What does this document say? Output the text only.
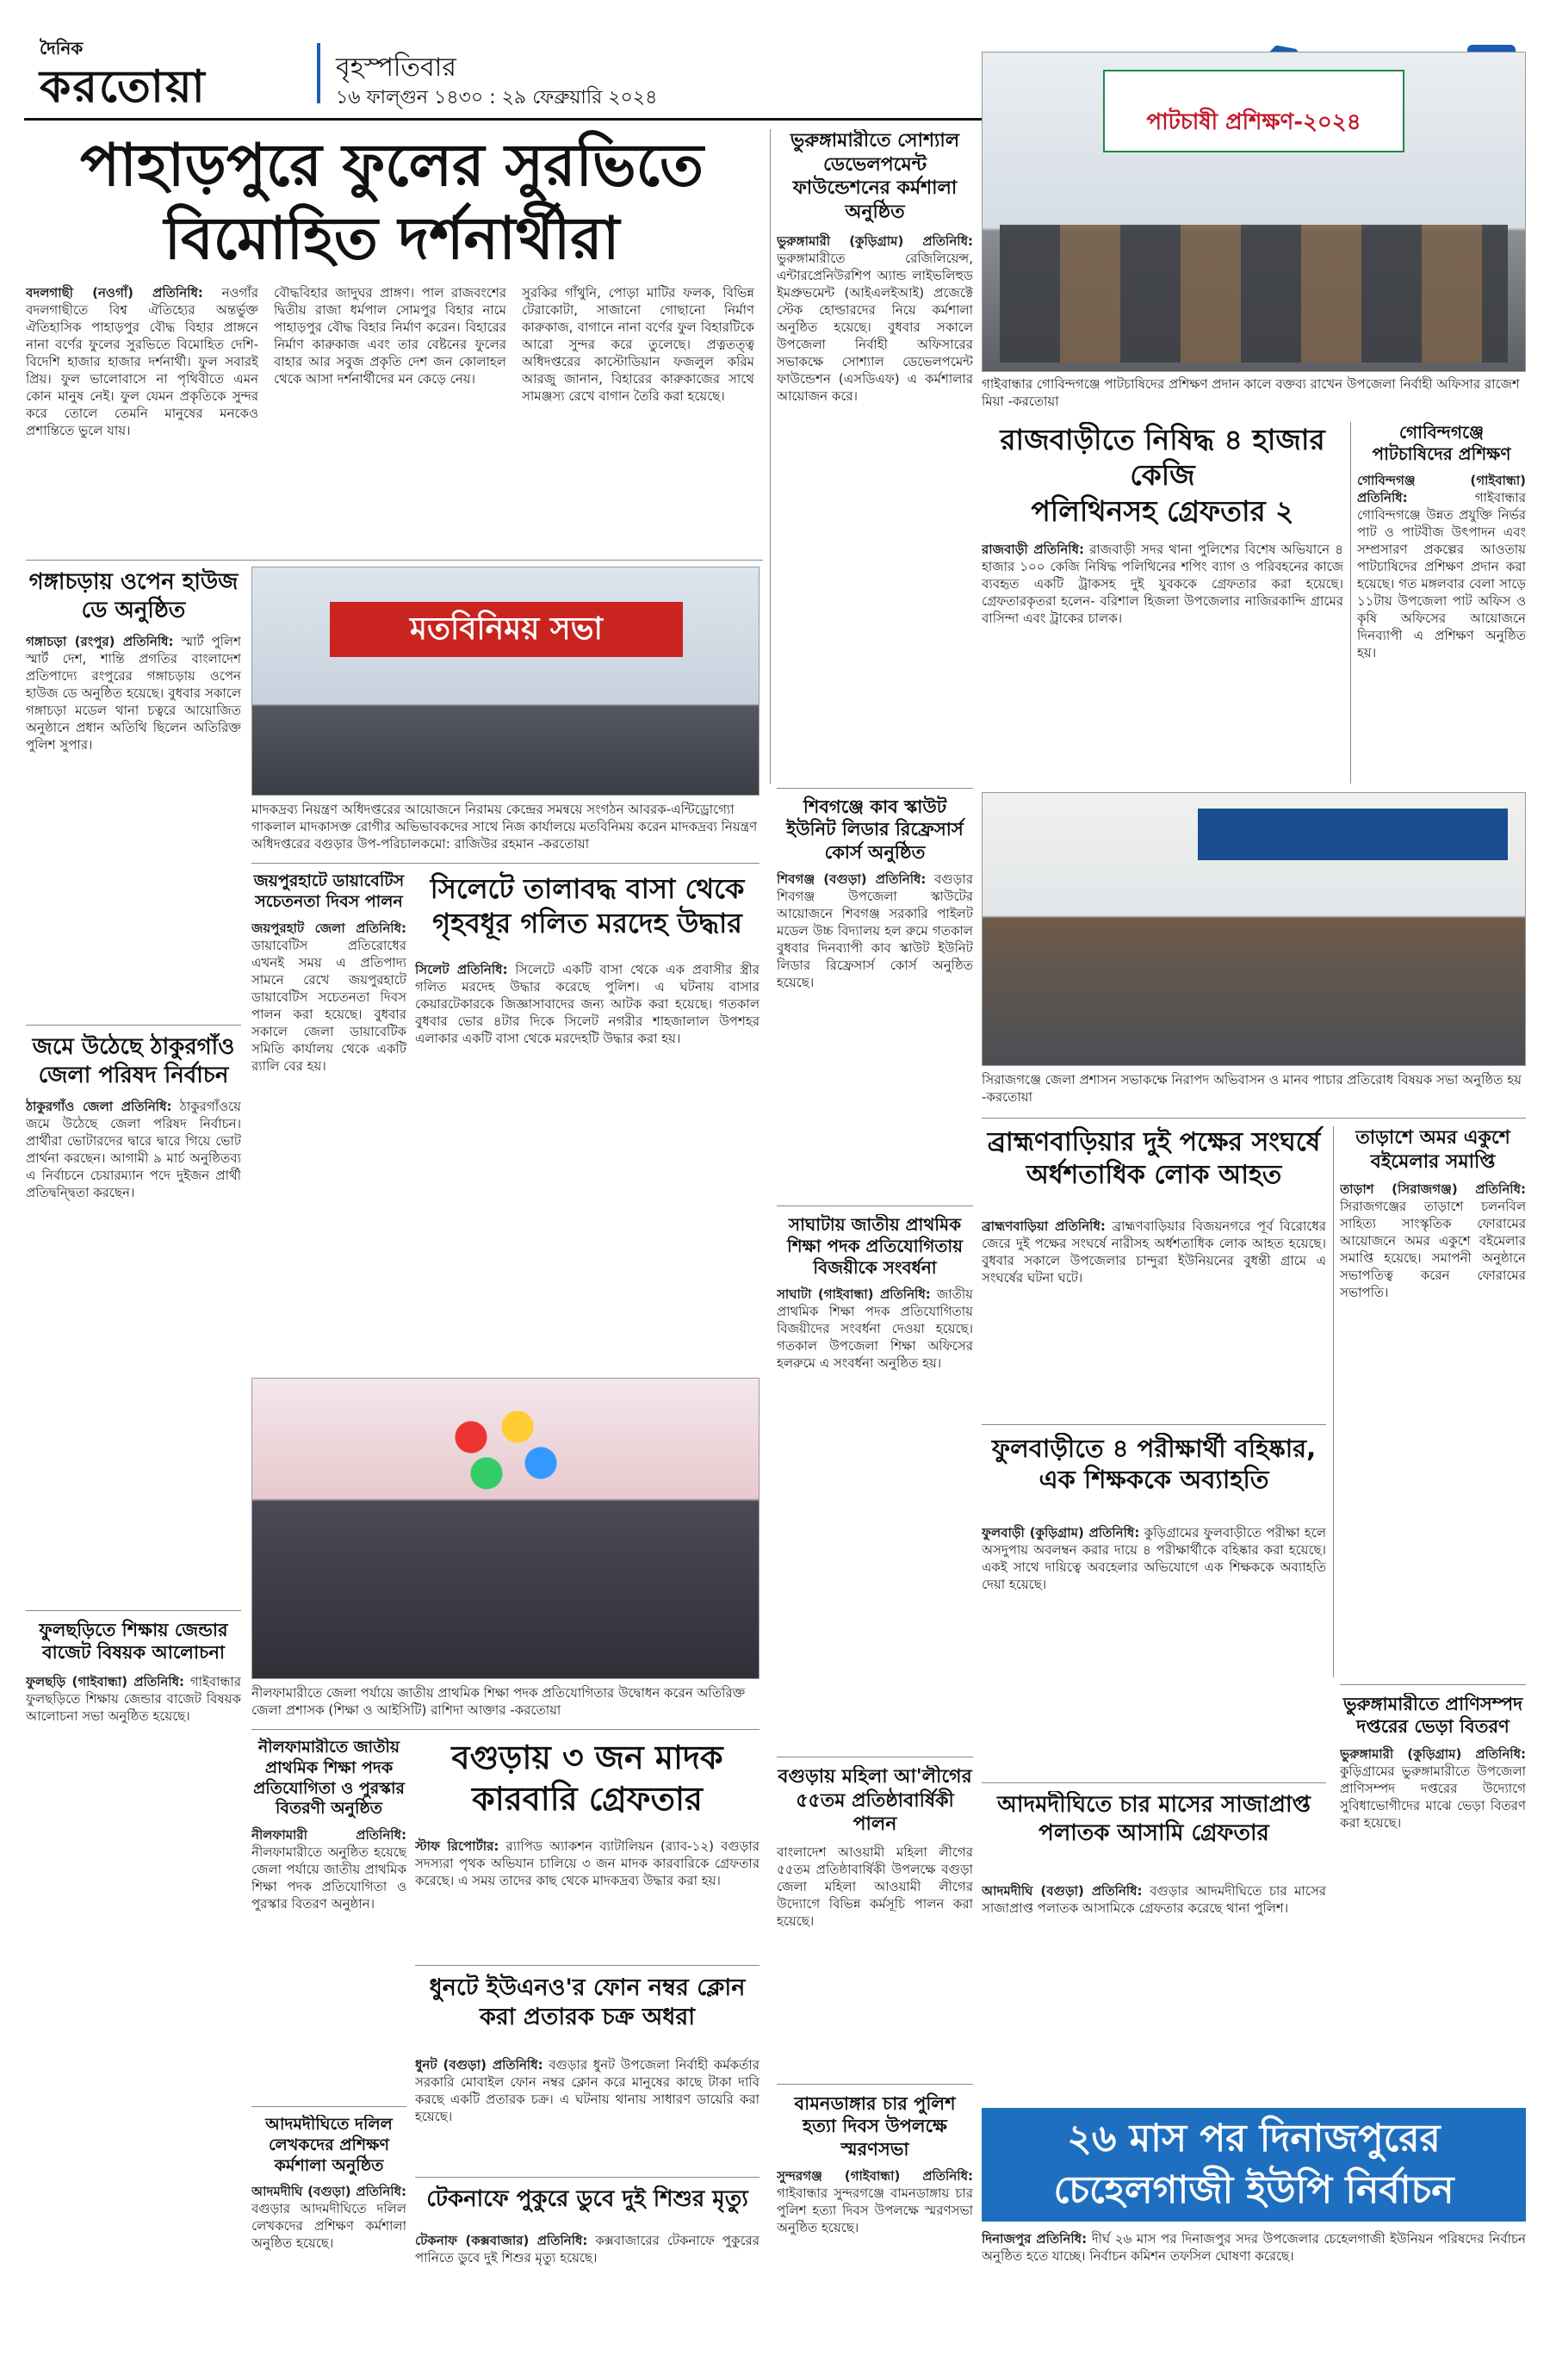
দৈনিক
করতোয়া	বৃহস্পতিবার
১৬ ফাল্গুন ১৪৩০ : ২৯ ফেব্রুয়ারি ২০২৪
পাহাড়পুরে ফুলের সুরভিতে
বিমোহিত দর্শনার্থীরা
বদলগাছী (নওগাঁ) প্রতিনিধি: নওগাঁর বদলগাছীতে বিশ্ব ঐতিহ্যের অন্তর্ভুক্ত ঐতিহাসিক পাহাড়পুর বৌদ্ধ বিহার প্রাঙ্গনে নানা বর্ণের ফুলের সুরভিতে বিমোহিত দেশি-বিদেশি হাজার হাজার দর্শনার্থী। ফুল সবারই প্রিয়। ফুল ভালোবাসে না পৃথিবীতে এমন কোন মানুষ নেই। ফুল যেমন প্রকৃতিকে সুন্দর করে তোলে তেমনি মানুষের মনকেও প্রশান্তিতে ভুলে যায়।
বৌদ্ধবিহার জাদুঘর প্রাঙ্গণ। পাল রাজবংশের দ্বিতীয় রাজা ধর্মপাল সোমপুর বিহার নামে পাহাড়পুর বৌদ্ধ বিহার নির্মাণ করেন। বিহারের নির্মাণ কারুকাজ এবং তার বেষ্টনের ফুলের বাহার আর সবুজ প্রকৃতি দেশ জন কোলাহল থেকে আসা দর্শনার্থীদের মন কেড়ে নেয়।
সুরকির গাঁথুনি, পোড়া মাটির ফলক, বিভিন্ন টেরাকোটা, সাজানো গোছানো নির্মাণ কারুকাজ, বাগানে নানা বর্ণের ফুল বিহারটিকে আরো সুন্দর করে তুলেছে। প্রত্নতত্ত্ব অধিদপ্তরের কাস্টোডিয়ান ফজলুল করিম আরজু জানান, বিহারের কারুকাজের সাথে সামঞ্জস্য রেখে বাগান তৈরি করা হয়েছে।
ভুরুঙ্গামারীতে সোশ্যাল ডেভেলপমেন্ট ফাউন্ডেশনের কর্মশালা অনুষ্ঠিত
ভুরুঙ্গামারী (কুড়িগ্রাম) প্রতিনিধি: ভুরুঙ্গামারীতে রেজিলিয়েন্স, এন্টারপ্রেনিউরশিপ অ্যান্ড লাইভলিহুড ইমপ্রুভমেন্ট (আইএলইআই) প্রজেক্টে স্টেক হোল্ডারদের নিয়ে কর্মশালা অনুষ্ঠিত হয়েছে। বুধবার সকালে উপজেলা নির্বাহী অফিসারের সভাকক্ষে সোশ্যাল ডেভেলপমেন্ট ফাউন্ডেশন (এসডিএফ) এ কর্মশালার আয়োজন করে।
পাটচাষী প্রশিক্ষণ-২০২৪
গাইবান্ধার গোবিন্দগঞ্জে পাটচাষিদের প্রশিক্ষণ প্রদান কালে বক্তব্য রাখেন উপজেলা নির্বাহী অফিসার রাজেশ মিয়া -করতোয়া
রাজবাড়ীতে নিষিদ্ধ ৪ হাজার কেজি
পলিথিনসহ গ্রেফতার ২
রাজবাড়ী প্রতিনিধি: রাজবাড়ী সদর থানা পুলিশের বিশেষ অভিযানে ৪ হাজার ১০০ কেজি নিষিদ্ধ পলিথিনের শপিং ব্যাগ ও পরিবহনের কাজে ব্যবহৃত একটি ট্রাকসহ দুই যুবককে গ্রেফতার করা হয়েছে। গ্রেফতারকৃতরা হলেন- বরিশাল হিজলা উপজেলার নাজিরকান্দি গ্রামের বাসিন্দা এবং ট্রাকের চালক।
গোবিন্দগঞ্জে পাটচাষিদের প্রশিক্ষণ
গোবিন্দগঞ্জ (গাইবান্ধা) প্রতিনিধি:	গাইবান্ধার গোবিন্দগঞ্জে উন্নত প্রযুক্তি নির্ভর পাট ও পাটবীজ উৎপাদন এবং সম্প্রসারণ প্রকল্পের আওতায় পাটচাষিদের প্রশিক্ষণ প্রদান করা হয়েছে। গত মঙ্গলবার বেলা সাড়ে ১১টায় উপজেলা পাট অফিস ও কৃষি অফিসের আয়োজনে দিনব্যাপী এ প্রশিক্ষণ অনুষ্ঠিত হয়।
গঙ্গাচড়ায় ওপেন হাউজ ডে অনুষ্ঠিত
গঙ্গাচড়া (রংপুর) প্রতিনিধি: স্মার্ট পুলিশ স্মার্ট দেশ, শান্তি প্রগতির বাংলাদেশ প্রতিপাদ্যে রংপুরের গঙ্গাচড়ায় ওপেন হাউজ ডে অনুষ্ঠিত হয়েছে। বুধবার সকালে গঙ্গাচড়া মডেল থানা চত্বরে আয়োজিত অনুষ্ঠানে প্রধান অতিথি ছিলেন অতিরিক্ত পুলিশ সুপার।
মতবিনিময় সভা
মাদকদ্রব্য নিয়ন্ত্রণ অধিদপ্তরের আয়োজনে নিরাময় কেন্দ্রের সমন্বয়ে সংগঠন আবরক-এন্টিড্রোগ্যো গাকলাল মাদকাসক্ত রোগীর অভিভাবকদের সাথে নিজ কার্যালয়ে মতবিনিময় করেন মাদকদ্রব্য নিয়ন্ত্রণ অধিদপ্তরের বগুড়ার উপ-পরিচালকমো: রাজিউর রহমান -করতোয়া
শিবগঞ্জে কাব স্কাউট ইউনিট লিডার রিফ্রেসার্স কোর্স অনুষ্ঠিত
শিবগঞ্জ (বগুড়া) প্রতিনিধি: বগুড়ার শিবগঞ্জ উপজেলা স্কাউটের আয়োজনে শিবগঞ্জ সরকারি পাইলট মডেল উচ্চ বিদ্যালয় হল রুমে গতকাল বুধবার দিনব্যাপী কাব স্কাউট ইউনিট লিডার রিফ্রেসার্স কোর্স অনুষ্ঠিত হয়েছে।
সিরাজগঞ্জে জেলা প্রশাসন সভাকক্ষে নিরাপদ অভিবাসন ও মানব পাচার প্রতিরোধ বিষয়ক সভা অনুষ্ঠিত হয় -করতোয়া
জয়পুরহাটে ডায়াবেটিস সচেতনতা দিবস পালন
জয়পুরহাট জেলা প্রতিনিধি: ডায়াবেটিস প্রতিরোধের এখনই সময় এ প্রতিপাদ্য সামনে রেখে জয়পুরহাটে ডায়াবেটিস সচেতনতা দিবস পালন করা হয়েছে। বুধবার সকালে জেলা ডায়াবেটিক সমিতি কার্যালয় থেকে একটি র‌্যালি বের হয়।
সিলেটে তালাবদ্ধ বাসা থেকে
গৃহবধূর গলিত মরদেহ উদ্ধার
সিলেট প্রতিনিধি: সিলেটে একটি বাসা থেকে এক প্রবাসীর স্ত্রীর গলিত মরদেহ উদ্ধার করেছে পুলিশ। এ ঘটনায় বাসার কেয়ারটেকারকে জিজ্ঞাসাবাদের জন্য আটক করা হয়েছে। গতকাল বুধবার ভোর ৪টার দিকে সিলেট নগরীর শাহজালাল উপশহর এলাকার একটি বাসা থেকে মরদেহটি উদ্ধার করা হয়।
জমে উঠেছে ঠাকুরগাঁও জেলা পরিষদ নির্বাচন
ঠাকুরগাঁও জেলা প্রতিনিধি: ঠাকুরগাঁওয়ে জমে উঠেছে জেলা পরিষদ নির্বাচন। প্রার্থীরা ভোটারদের দ্বারে দ্বারে গিয়ে ভোট প্রার্থনা করছেন। আগামী ৯ মার্চ অনুষ্ঠিতব্য এ নির্বাচনে চেয়ারম্যান পদে দুইজন প্রার্থী প্রতিদ্বন্দ্বিতা করছেন।
ব্রাহ্মণবাড়িয়ার দুই পক্ষের সংঘর্ষে
অর্ধশতাধিক লোক আহত
ব্রাহ্মণবাড়িয়া প্রতিনিধি: ব্রাহ্মণবাড়িয়ার বিজয়নগরে পূর্ব বিরোধের জেরে দুই পক্ষের সংঘর্ষে নারীসহ অর্ধশতাধিক লোক আহত হয়েছে। বুধবার সকালে উপজেলার চান্দুরা ইউনিয়নের বুধন্তী গ্রামে এ সংঘর্ষের ঘটনা ঘটে।
তাড়াশে অমর একুশে বইমেলার সমাপ্তি
তাড়াশ (সিরাজগঞ্জ) প্রতিনিধি: সিরাজগঞ্জের তাড়াশে চলনবিল সাহিত্য সাংস্কৃতিক ফোরামের আয়োজনে অমর একুশে বইমেলার সমাপ্তি হয়েছে। সমাপনী অনুষ্ঠানে সভাপতিত্ব করেন ফোরামের সভাপতি।
সাঘাটায় জাতীয় প্রাথমিক শিক্ষা পদক প্রতিযোগিতায় বিজয়ীকে সংবর্ধনা
সাঘাটা (গাইবান্ধা) প্রতিনিধি: জাতীয় প্রাথমিক শিক্ষা পদক প্রতিযোগিতায় বিজয়ীদের সংবর্ধনা দেওয়া হয়েছে। গতকাল উপজেলা শিক্ষা অফিসের হলরুমে এ সংবর্ধনা অনুষ্ঠিত হয়।
নীলফামারীতে জেলা পর্যায়ে জাতীয় প্রাথমিক শিক্ষা পদক প্রতিযোগিতার উদ্বোধন করেন অতিরিক্ত জেলা প্রশাসক (শিক্ষা ও আইসিটি) রাশিদা আক্তার -করতোয়া
ফুলবাড়ীতে ৪ পরীক্ষার্থী বহিষ্কার,
এক শিক্ষককে অব্যাহতি
ফুলবাড়ী (কুড়িগ্রাম) প্রতিনিধি: কুড়িগ্রামের ফুলবাড়ীতে পরীক্ষা হলে অসদুপায় অবলম্বন করার দায়ে ৪ পরীক্ষার্থীকে বহিষ্কার করা হয়েছে। একই সাথে দায়িত্বে অবহেলার অভিযোগে এক শিক্ষককে অব্যাহতি দেয়া হয়েছে।
ফুলছড়িতে শিক্ষায় জেন্ডার বাজেট বিষয়ক আলোচনা
ফুলছড়ি (গাইবান্ধা) প্রতিনিধি: গাইবান্ধার ফুলছড়িতে শিক্ষায় জেন্ডার বাজেট বিষয়ক আলোচনা সভা অনুষ্ঠিত হয়েছে।
নীলফামারীতে জাতীয় প্রাথমিক শিক্ষা পদক প্রতিযোগিতা ও পুরস্কার বিতরণী অনুষ্ঠিত
নীলফামারী প্রতিনিধি: নীলফামারীতে অনুষ্ঠিত হয়েছে জেলা পর্যায়ে জাতীয় প্রাথমিক শিক্ষা পদক প্রতিযোগিতা ও পুরস্কার বিতরণ অনুষ্ঠান।
বগুড়ায় ৩ জন মাদক
কারবারি গ্রেফতার
স্টাফ রিপোর্টার: র‌্যাপিড অ্যাকশন ব্যাটালিয়ন (র‌্যাব-১২) বগুড়ার সদস্যরা পৃথক অভিযান চালিয়ে ৩ জন মাদক কারবারিকে গ্রেফতার করেছে। এ সময় তাদের কাছ থেকে মাদকদ্রব্য উদ্ধার করা হয়।
বগুড়ায় মহিলা আ'লীগের ৫৫তম প্রতিষ্ঠাবার্ষিকী পালন
বাংলাদেশ আওয়ামী মহিলা লীগের ৫৫তম প্রতিষ্ঠাবার্ষিকী উপলক্ষে বগুড়া জেলা মহিলা আওয়ামী লীগের উদ্যোগে বিভিন্ন কর্মসূচি পালন করা হয়েছে।
ভুরুঙ্গামারীতে প্রাণিসম্পদ দপ্তরের ভেড়া বিতরণ
ভুরুঙ্গামারী (কুড়িগ্রাম) প্রতিনিধি: কুড়িগ্রামের ভুরুঙ্গামারীতে উপজেলা প্রাণিসম্পদ দপ্তরের উদ্যোগে সুবিধাভোগীদের মাঝে ভেড়া বিতরণ করা হয়েছে।
আদমদীঘিতে চার মাসের সাজাপ্রাপ্ত পলাতক আসামি গ্রেফতার
আদমদীঘি (বগুড়া) প্রতিনিধি: বগুড়ার আদমদীঘিতে চার মাসের সাজাপ্রাপ্ত পলাতক আসামিকে গ্রেফতার করেছে থানা পুলিশ।
ধুনটে ইউএনও'র ফোন নম্বর ক্লোন
করা প্রতারক চক্র অধরা
ধুনট (বগুড়া) প্রতিনিধি: বগুড়ার ধুনট উপজেলা নির্বাহী কর্মকর্তার সরকারি মোবাইল ফোন নম্বর ক্লোন করে মানুষের কাছে টাকা দাবি করছে একটি প্রতারক চক্র। এ ঘটনায় থানায় সাধারণ ডায়েরি করা হয়েছে।
বামনডাঙ্গার চার পুলিশ হত্যা দিবস উপলক্ষে স্মরণসভা
সুন্দরগঞ্জ (গাইবান্ধা) প্রতিনিধি: গাইবান্ধার সুন্দরগঞ্জে বামনডাঙ্গায় চার পুলিশ হত্যা দিবস উপলক্ষে স্মরণসভা অনুষ্ঠিত হয়েছে।
আদমদীঘিতে দলিল লেখকদের প্রশিক্ষণ কর্মশালা অনুষ্ঠিত
আদমদীঘি (বগুড়া) প্রতিনিধি: বগুড়ার আদমদীঘিতে দলিল লেখকদের প্রশিক্ষণ কর্মশালা অনুষ্ঠিত হয়েছে।
টেকনাফে পুকুরে ডুবে দুই শিশুর মৃত্যু
টেকনাফ (কক্সবাজার) প্রতিনিধি: কক্সবাজারের টেকনাফে পুকুরের পানিতে ডুবে দুই শিশুর মৃত্যু হয়েছে।
২৬ মাস পর দিনাজপুরের
চেহেলগাজী ইউপি নির্বাচন
দিনাজপুর প্রতিনিধি: দীর্ঘ ২৬ মাস পর দিনাজপুর সদর উপজেলার চেহেলগাজী ইউনিয়ন পরিষদের নির্বাচন অনুষ্ঠিত হতে যাচ্ছে। নির্বাচন কমিশন তফসিল ঘোষণা করেছে।
